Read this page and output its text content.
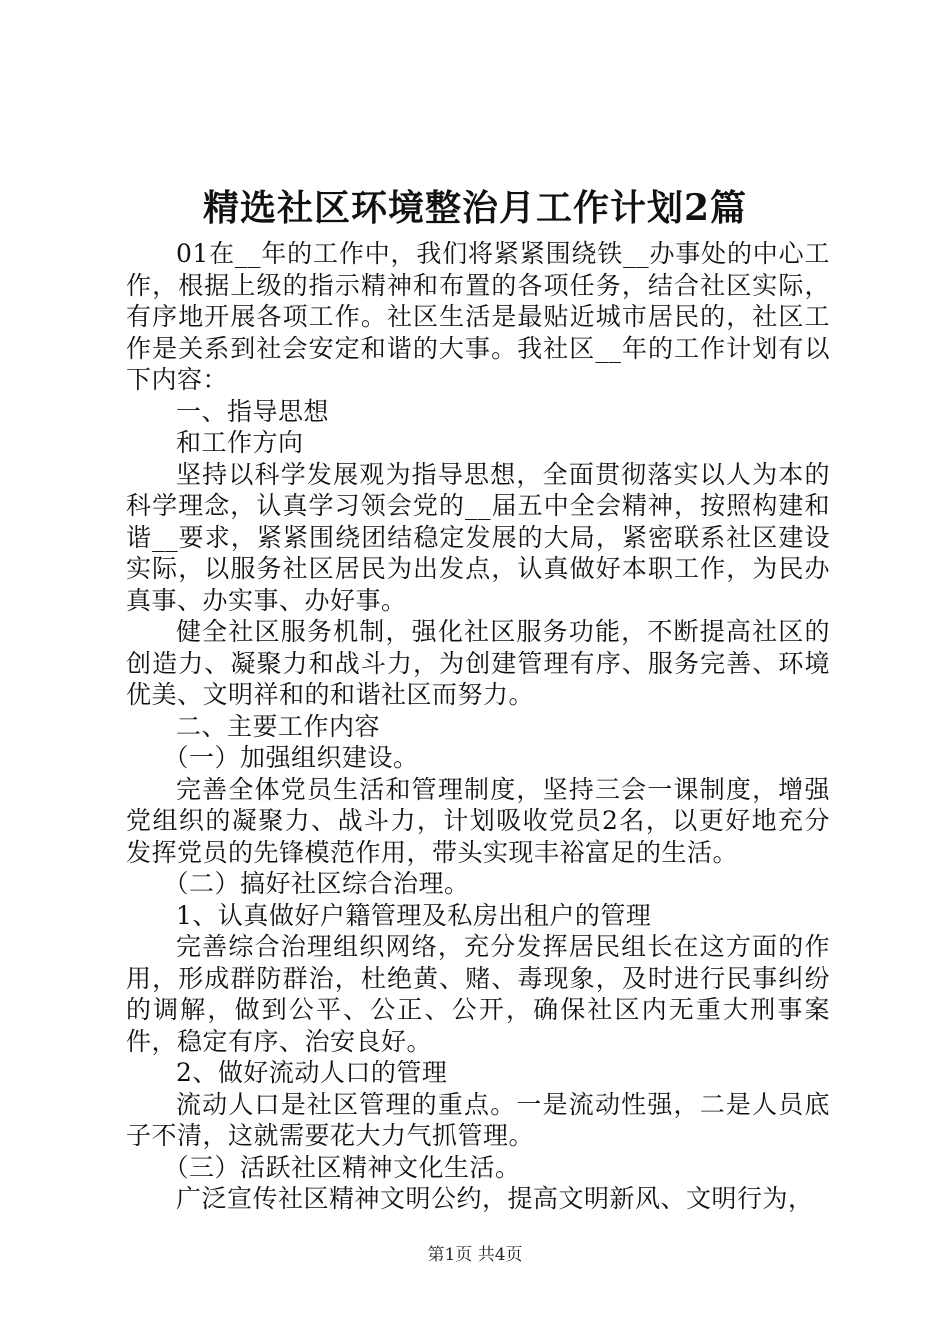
精选社区环境整治月工作计划2篇

01在__年的工作中，我们将紧紧围绕铁__办事处的中心工作，根据上级的指示精神和布置的各项任务，结合社区实际，有序地开展各项工作。社区生活是最贴近城市居民的，社区工作是关系到社会安定和谐的大事。我社区__年的工作计划有以下内容：

一、指导思想

和工作方向

坚持以科学发展观为指导思想，全面贯彻落实以人为本的科学理念，认真学习领会党的__届五中全会精神，按照构建和谐__要求，紧紧围绕团结稳定发展的大局，紧密联系社区建设实际，以服务社区居民为出发点，认真做好本职工作，为民办真事、办实事、办好事。

健全社区服务机制，强化社区服务功能，不断提高社区的创造力、凝聚力和战斗力，为创建管理有序、服务完善、环境优美、文明祥和的和谐社区而努力。

二、主要工作内容

（一）加强组织建设。

完善全体党员生活和管理制度，坚持三会一课制度，增强党组织的凝聚力、战斗力，计划吸收党员2名，以更好地充分发挥党员的先锋模范作用，带头实现丰裕富足的生活。

（二）搞好社区综合治理。

1、认真做好户籍管理及私房出租户的管理

完善综合治理组织网络，充分发挥居民组长在这方面的作用，形成群防群治，杜绝黄、赌、毒现象，及时进行民事纠纷的调解，做到公平、公正、公开，确保社区内无重大刑事案件，稳定有序、治安良好。

2、做好流动人口的管理

流动人口是社区管理的重点。一是流动性强，二是人员底子不清，这就需要花大力气抓管理。

（三）活跃社区精神文化生活。

广泛宣传社区精神文明公约，提高文明新风、文明行为，

第1页 共4页
